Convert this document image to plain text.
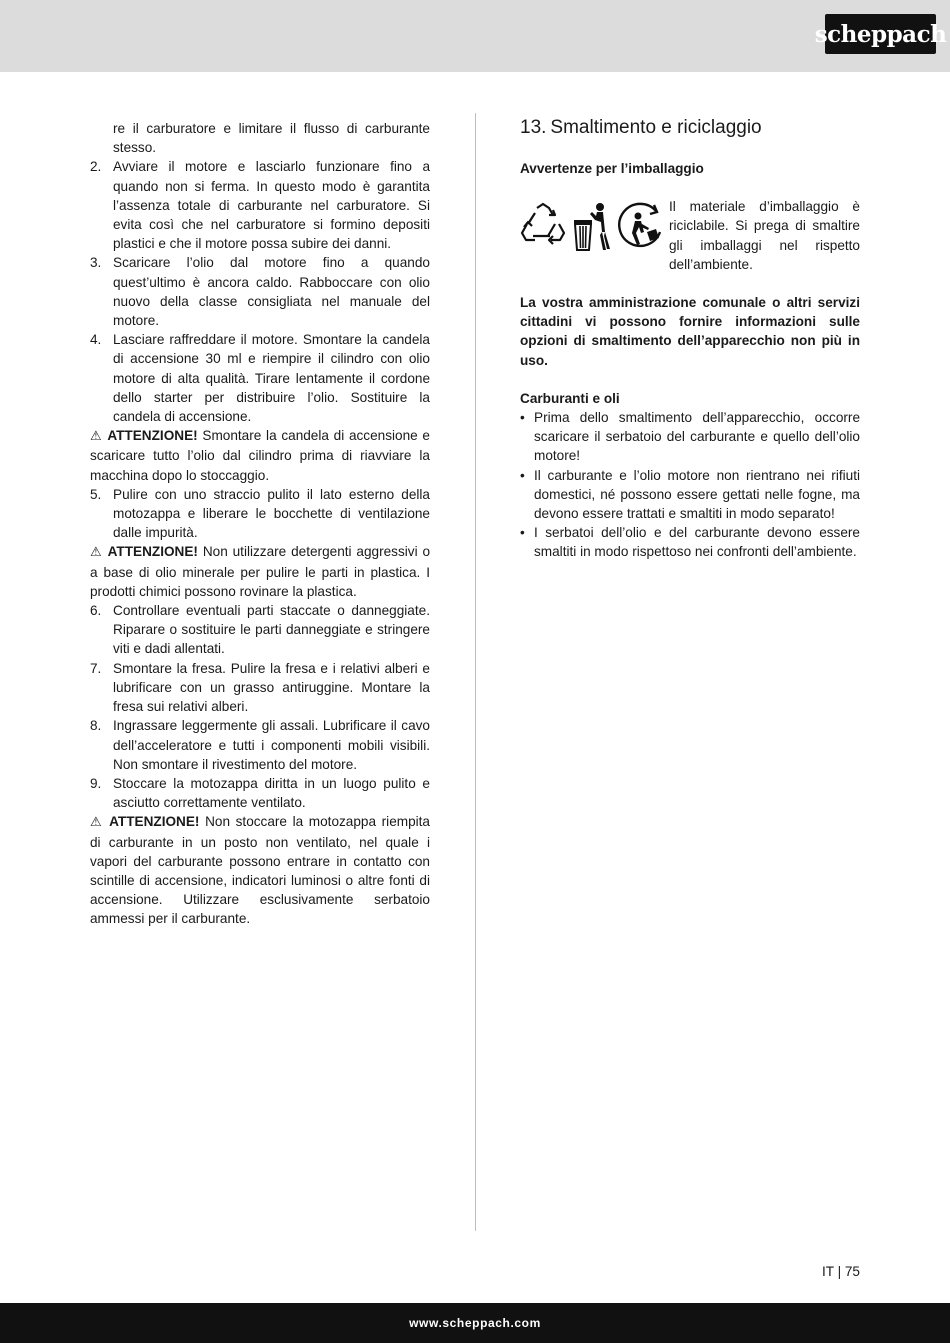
scheppach
re il carburatore e limitare il flusso di carburante stesso.
2. Avviare il motore e lasciarlo funzionare fino a quando non si ferma. In questo modo è garantita l’assenza totale di carburante nel carburatore. Si evita così che nel carburatore si formino depositi plastici e che il motore possa subire dei danni.
3. Scaricare l’olio dal motore fino a quando quest’ultimo è ancora caldo. Rabboccare con olio nuovo della classe consigliata nel manuale del motore.
4. Lasciare raffreddare il motore. Smontare la candela di accensione 30 ml e riempire il cilindro con olio motore di alta qualità. Tirare lentamente il cordone dello starter per distribuire l’olio. Sostituire la candela di accensione.

⚠ ATTENZIONE! Smontare la candela di accensione e scaricare tutto l’olio dal cilindro prima di riavviare la macchina dopo lo stoccaggio.

5. Pulire con uno straccio pulito il lato esterno della motozappa e liberare le bocchette di ventilazione dalle impurità.

⚠ ATTENZIONE! Non utilizzare detergenti aggressivi o a base di olio minerale per pulire le parti in plastica. I prodotti chimici possono rovinare la plastica.

6. Controllare eventuali parti staccate o danneggiate. Riparare o sostituire le parti danneggiate e stringere viti e dadi allentati.
7. Smontare la fresa. Pulire la fresa e i relativi alberi e lubrificare con un grasso antiruggine. Montare la fresa sui relativi alberi.
8. Ingrassare leggermente gli assali. Lubrificare il cavo dell’acceleratore e tutti i componenti mobili visibili. Non smontare il rivestimento del motore.
9. Stoccare la motozappa diritta in un luogo pulito e asciutto correttamente ventilato.

⚠ ATTENZIONE! Non stoccare la motozappa riempita di carburante in un posto non ventilato, nel quale i vapori del carburante possono entrare in contatto con scintille di accensione, indicatori luminosi o altre fonti di accensione. Utilizzare esclusivamente serbatoio ammessi per il carburante.

13. Smaltimento e riciclaggio
Avvertenze per l’imballaggio
Il materiale d’imballaggio è riciclabile. Si prega di smaltire gli imballaggi nel rispetto dell’ambiente.

La vostra amministrazione comunale o altri servizi cittadini vi possono fornire informazioni sulle opzioni di smaltimento dell’apparecchio non più in uso.

Carburanti e oli
• Prima dello smaltimento dell’apparecchio, occorre scaricare il serbatoio del carburante e quello dell’olio motore!
• Il carburante e l’olio motore non rientrano nei rifiuti domestici, né possono essere gettati nelle fogne, ma devono essere trattati e smaltiti in modo separato!
• I serbatoi dell’olio e del carburante devono essere smaltiti in modo rispettoso nei confronti dell’ambiente.
IT | 75
www.scheppach.com
